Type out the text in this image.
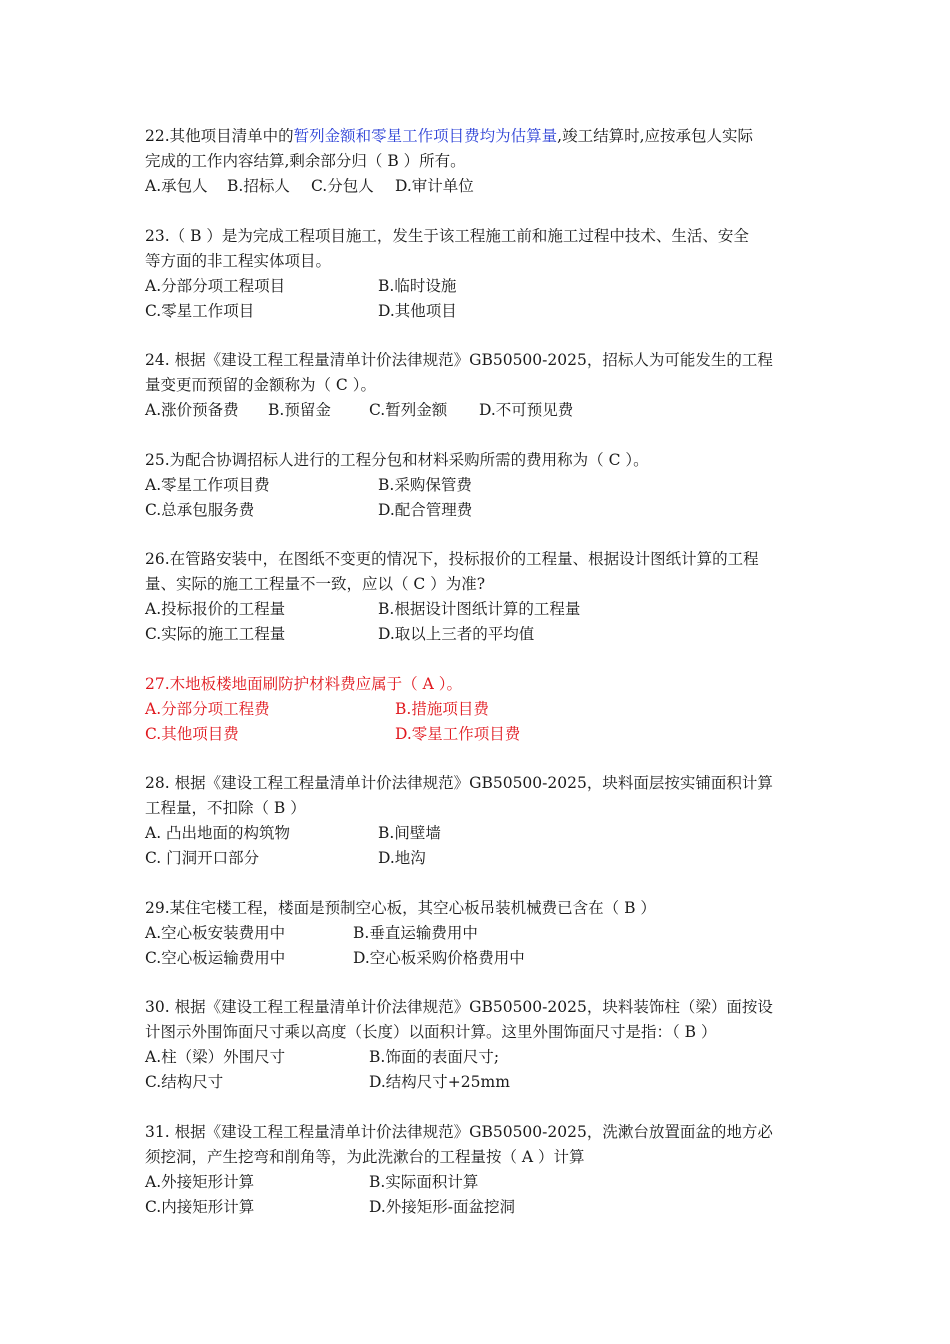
22.其他项目清单中的暂列金额和零星工作项目费均为估算量,竣工结算时,应按承包人实际
完成的工作内容结算,剩余部分归（ B ）所有。
A.承包人 B.招标人 C.分包人 D.审计单位
23.（ B ）是为完成工程项目施工，发生于该工程施工前和施工过程中技术、生活、安全
等方面的非工程实体项目。
A.分部分项工程项目	B.临时设施
C.零星工作项目	D.其他项目
24. 根据《建设工程工程量清单计价法律规范》GB50500-2025，招标人为可能发生的工程
量变更而预留的金额称为（ C ）。
A.涨价预备费 B.预留金 C.暂列金额 D.不可预见费
25.为配合协调招标人进行的工程分包和材料采购所需的费用称为（ C ）。
A.零星工作项目费	B.采购保管费
C.总承包服务费	D.配合管理费
26.在管路安装中，在图纸不变更的情况下，投标报价的工程量、根据设计图纸计算的工程
量、实际的施工工程量不一致，应以（ C ）为准?
A.投标报价的工程量	B.根据设计图纸计算的工程量
C.实际的施工工程量	D.取以上三者的平均值
27.木地板楼地面刷防护材料费应属于（ A ）。
A.分部分项工程费	B.措施项目费
C.其他项目费	D.零星工作项目费
28. 根据《建设工程工程量清单计价法律规范》GB50500-2025，块料面层按实铺面积计算
工程量，不扣除（ B ）
A. 凸出地面的构筑物	B.间壁墙
C. 门洞开口部分	D.地沟
29.某住宅楼工程，楼面是预制空心板，其空心板吊装机械费已含在（ B ）
A.空心板安装费用中	B.垂直运输费用中
C.空心板运输费用中	D.空心板采购价格费用中
30. 根据《建设工程工程量清单计价法律规范》GB50500-2025，块料装饰柱（梁）面按设
计图示外围饰面尺寸乘以高度（长度）以面积计算。这里外围饰面尺寸是指：（ B ）
A.柱（梁）外围尺寸	B.饰面的表面尺寸;
C.结构尺寸	D.结构尺寸+25mm
31. 根据《建设工程工程量清单计价法律规范》GB50500-2025，洗漱台放置面盆的地方必
须挖洞，产生挖弯和削角等，为此洗漱台的工程量按（ A ）计算
A.外接矩形计算	B.实际面积计算
C.内接矩形计算	D.外接矩形-面盆挖洞
